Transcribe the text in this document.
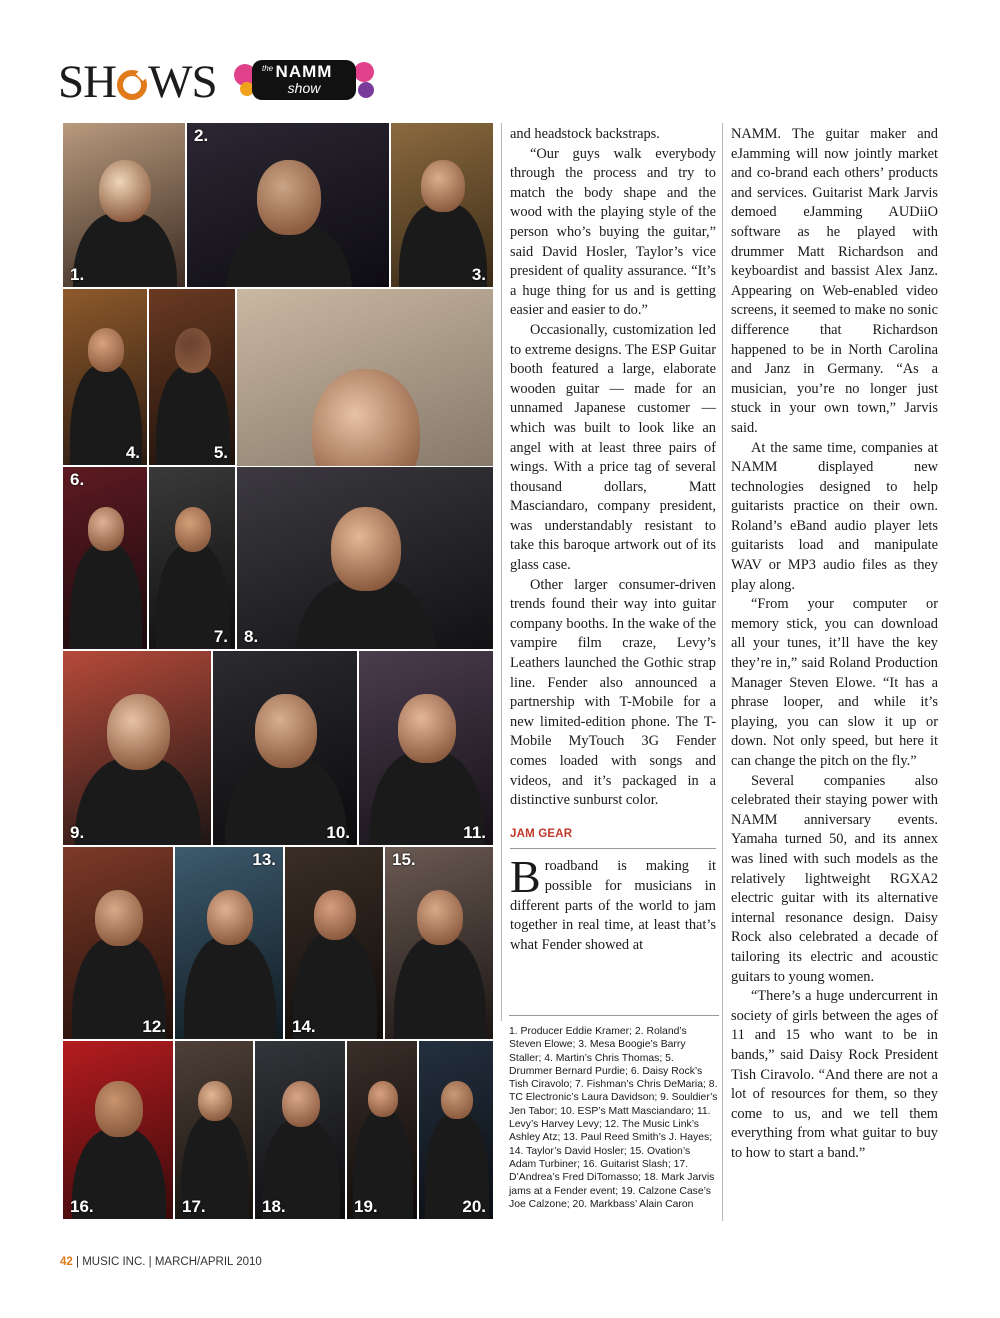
SH WS	the NAMM
show
1.
2.
3.
4.	5.
6.
7. 8.
9.	10.	11.
12.
13.
14.
15.
16.	17.	18.	19.	20.

and headstock backstraps.

“Our guys walk everybody through the process and try to match the body shape and the wood with the playing style of the person who’s buying the guitar,” said David Hosler, Taylor’s vice president of quality assurance. “It’s a huge thing for us and is getting easier and easier to do.”

Occasionally, customization led to extreme designs. The ESP Guitar booth featured a large, elaborate wooden guitar — made for an unnamed Japanese customer — which was built to look like an angel with at least three pairs of wings. With a price tag of several thousand dollars, Matt Masciandaro, company president, was understandably resistant to take this baroque artwork out of its glass case.

Other larger consumer-driven trends found their way into guitar company booths. In the wake of the vampire film craze, Levy’s Leathers launched the Gothic strap line. Fender also announced a partnership with T-Mobile for a new limited-edition phone. The T-Mobile MyTouch 3G Fender comes loaded with songs and videos, and it’s packaged in a distinctive sunburst color.

JAM GEAR

Broadband is making it possible for musicians in different parts of the world to jam together in real time, at least that’s what Fender showed at

1. Producer Eddie Kramer; 2. Roland’s Steven Elowe; 3. Mesa Boogie’s Barry Staller; 4. Martin’s Chris Thomas; 5. Drummer Bernard Purdie; 6. Daisy Rock’s Tish Ciravolo; 7. Fishman’s Chris DeMaria; 8. TC Electronic’s Laura Davidson; 9. Souldier’s Jen Tabor; 10. ESP’s Matt Masciandaro; 11. Levy’s Harvey Levy; 12. The Music Link’s Ashley Atz; 13. Paul Reed Smith’s J. Hayes; 14. Taylor’s David Hosler; 15. Ovation’s Adam Turbiner; 16. Guitarist Slash; 17. D’Andrea’s Fred DiTomasso; 18. Mark Jarvis jams at a Fender event; 19. Calzone Case’s Joe Calzone; 20. Markbass’ Alain Caron

NAMM. The guitar maker and eJamming will now jointly market and co-brand each others’ products and services. Guitarist Mark Jarvis demoed eJamming AUDiiO software as he played with drummer Matt Richardson and keyboardist and bassist Alex Janz. Appearing on Web-enabled video screens, it seemed to make no sonic difference that Richardson happened to be in North Carolina and Janz in Germany. “As a musician, you’re no longer just stuck in your own town,” Jarvis said.

At the same time, companies at NAMM displayed new technologies designed to help guitarists practice on their own. Roland’s eBand audio player lets guitarists load and manipulate WAV or MP3 audio files as they play along.

“From your computer or memory stick, you can download all your tunes, it’ll have the key they’re in,” said Roland Production Manager Steven Elowe. “It has a phrase looper, and while it’s playing, you can slow it up or down. Not only speed, but here it can change the pitch on the fly.”

Several companies also celebrated their staying power with NAMM anniversary events. Yamaha turned 50, and its annex was lined with such models as the relatively lightweight RGXA2 electric guitar with its alternative internal resonance design. Daisy Rock also celebrated a decade of tailoring its electric and acoustic guitars to young women.

“There’s a huge undercurrent in society of girls between the ages of 11 and 15 who want to be in bands,” said Daisy Rock President Tish Ciravolo. “And there are not a lot of resources for them, so they come to us, and we tell them everything from what guitar to buy to how to start a band.”

42 | MUSIC INC. | MARCH/APRIL 2010
